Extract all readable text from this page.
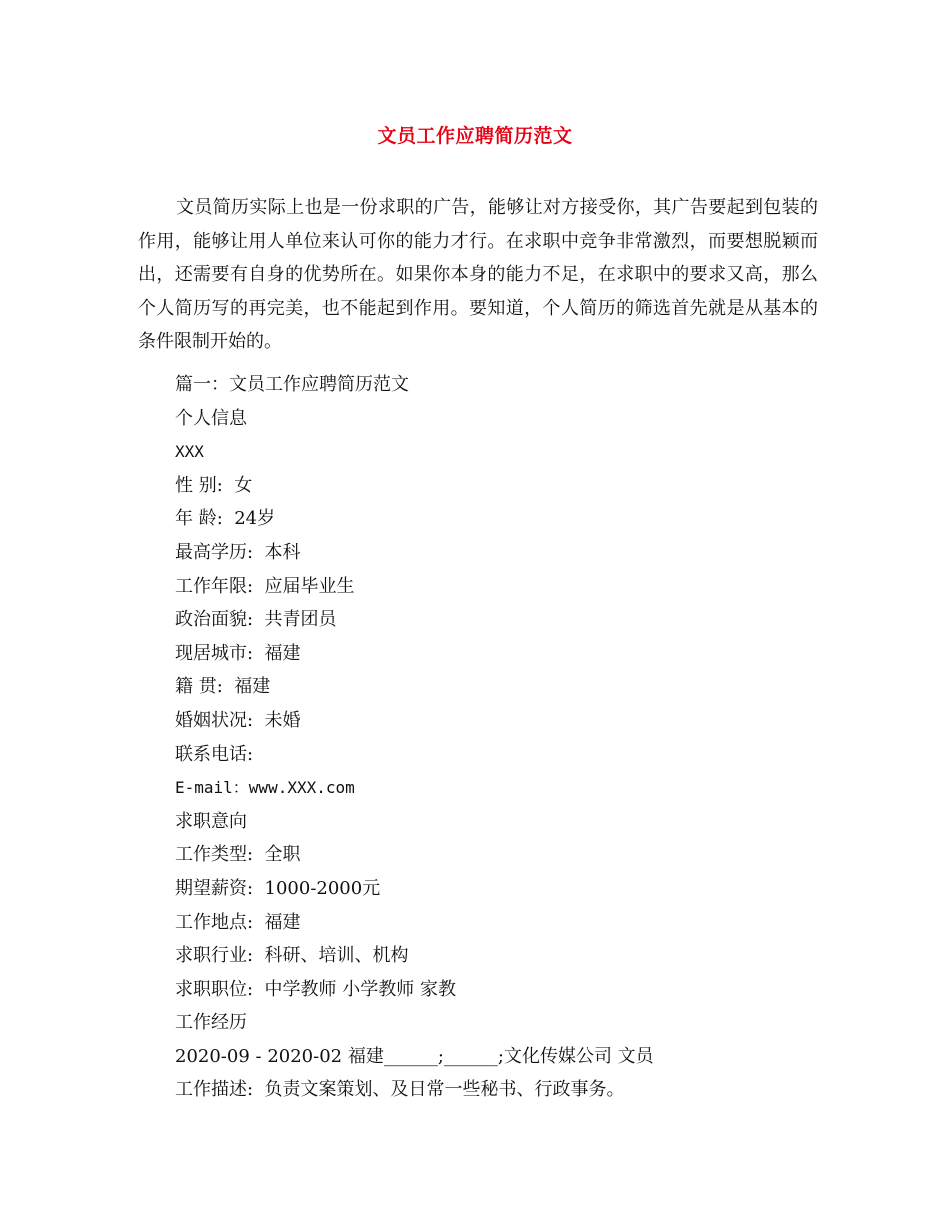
文员工作应聘简历范文

文员简历实际上也是一份求职的广告，能够让对方接受你，其广告要起到包装的作用，能够让用人单位来认可你的能力才行。在求职中竞争非常激烈，而要想脱颖而出，还需要有自身的优势所在。如果你本身的能力不足，在求职中的要求又高，那么个人简历写的再完美，也不能起到作用。要知道，个人简历的筛选首先就是从基本的条件限制开始的。

篇一：文员工作应聘简历范文
个人信息
XXX
性 别:  女
年 龄:  24岁
最高学历:  本科
工作年限:  应届毕业生
政治面貌:  共青团员
现居城市:  福建
籍 贯:  福建
婚姻状况:  未婚
联系电话:
E-mail：www.XXX.com
求职意向
工作类型:  全职
期望薪资:  1000-2000元
工作地点:  福建
求职行业:  科研、培训、机构
求职职位:  中学教师 小学教师 家教
工作经历
2020-09 - 2020-02 福建______;______;文化传媒公司 文员
工作描述:  负责文案策划、及日常一些秘书、行政事务。
